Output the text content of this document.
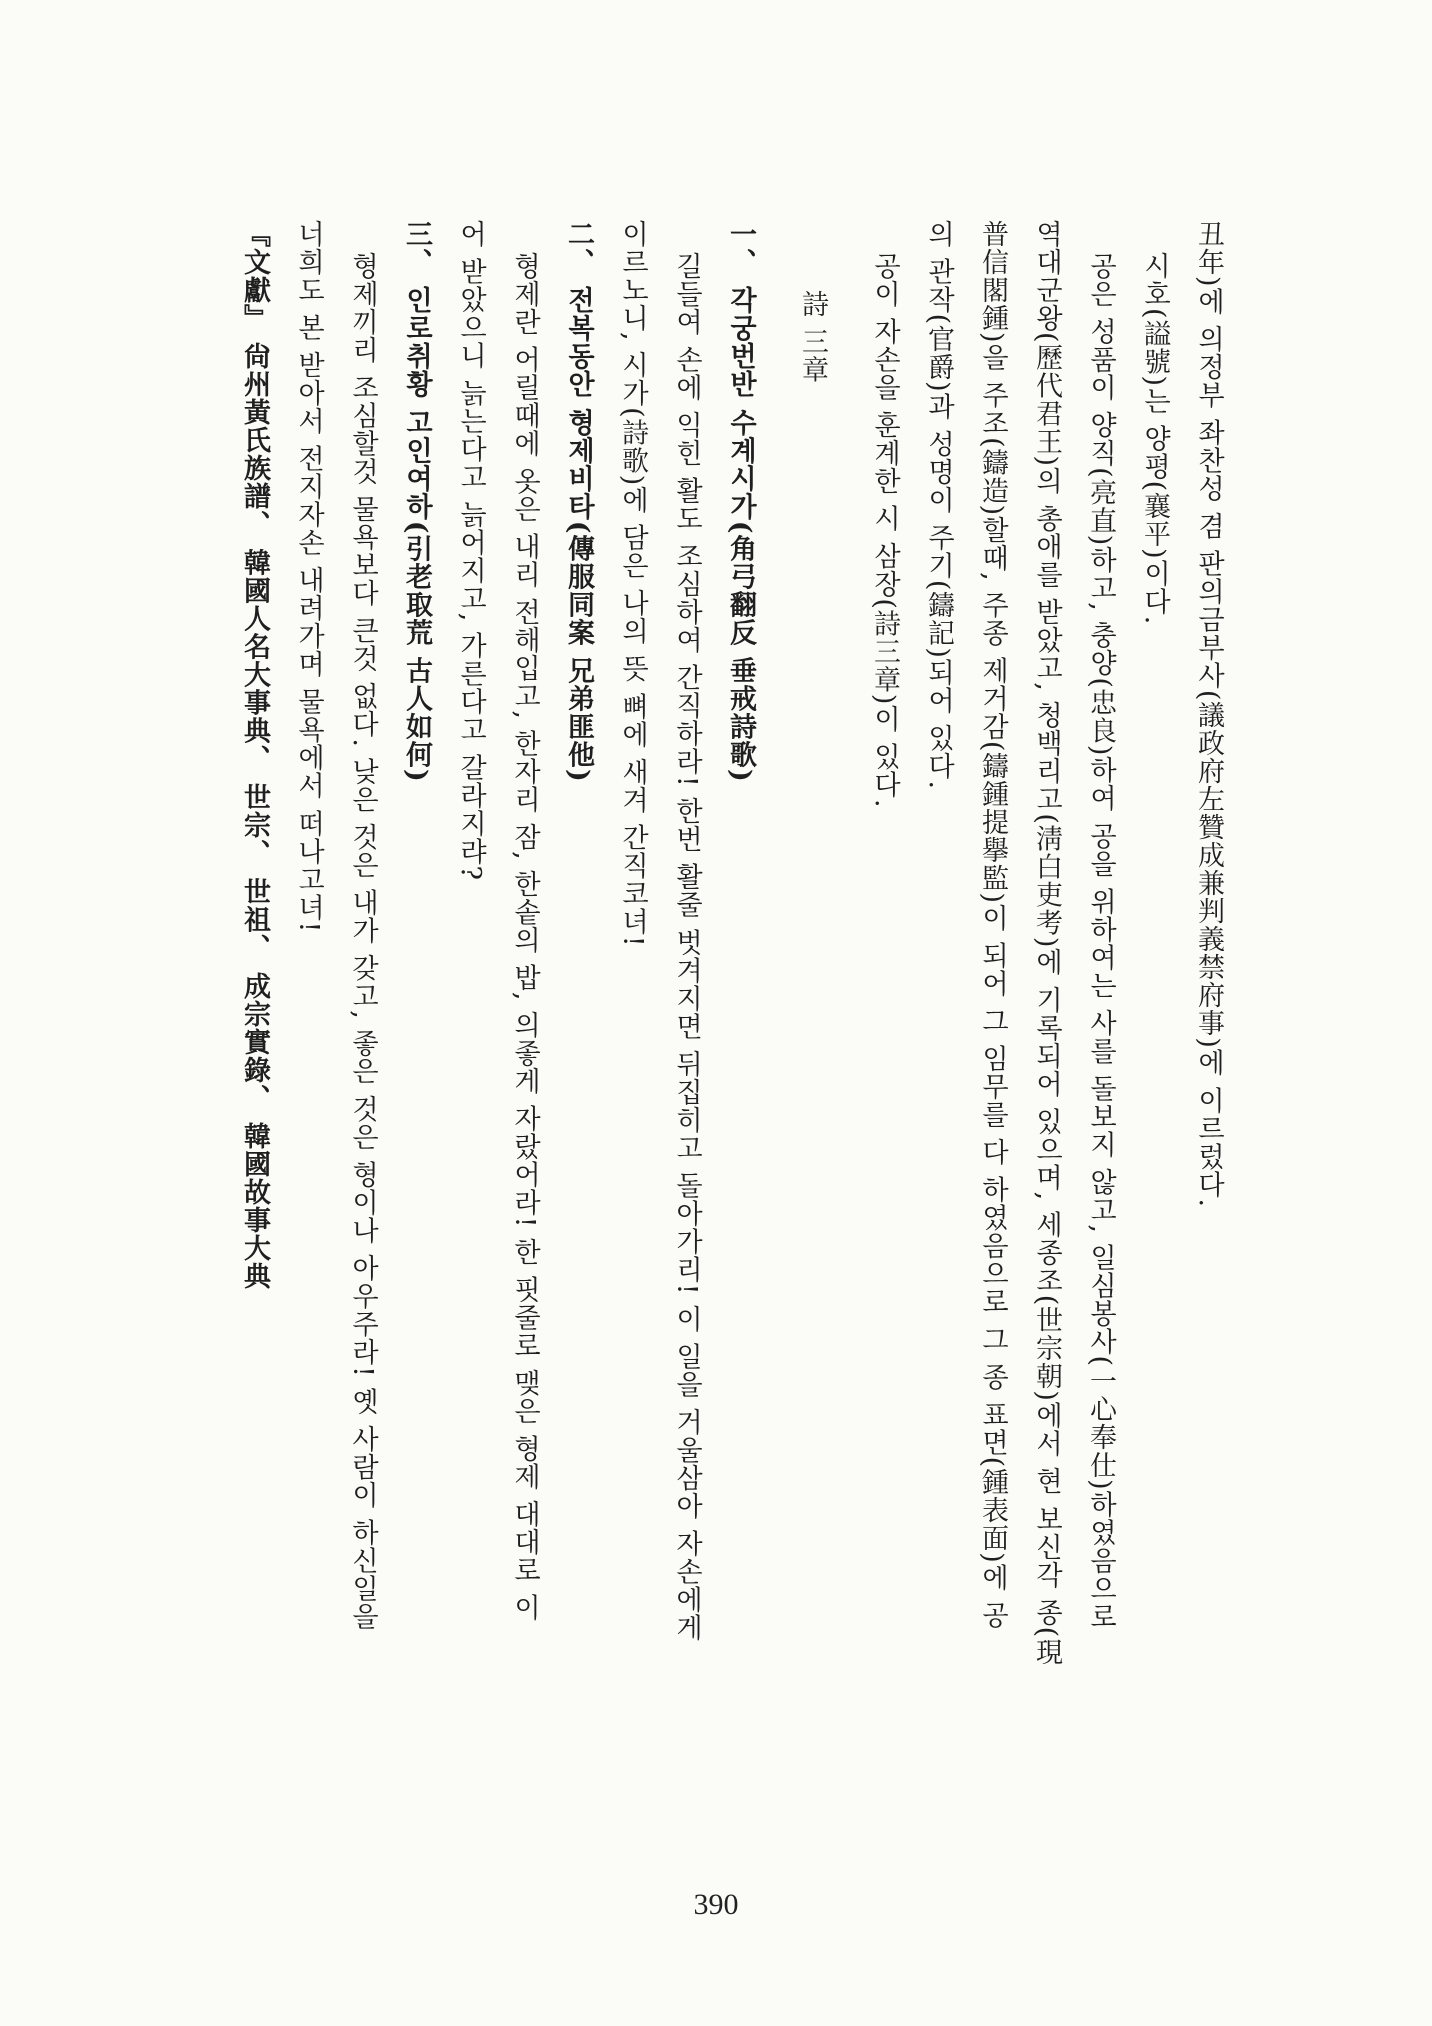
丑年)에 의정부 좌찬성 겸 판의금부사(議政府左贊成兼判義禁府事)에 이르렀다.
시호(謚號)는 양평(襄平)이다.
공은 성품이 양직(亮直)하고, 충양(忠良)하여 공을 위하여는 사를 돌보지 않고, 일심봉사(一心奉仕)하였음으로
역대군왕(歷代君王)의 총애를 받았고, 청백리고(淸白吏考)에 기록되어 있으며, 세종조(世宗朝)에서 현 보신각 종(現
普信閣鍾)을 주조(鑄造)할때, 주종 제거감(鑄鍾提擧監)이 되어 그 임무를 다 하였음으로 그 종 표면(鍾表面)에 공
의 관작(官爵)과 성명이 주기(鑄記)되어 있다.
공이 자손을 훈계한 시 삼장(詩三章)이 있다.
詩 三章
一、 각궁번반 수계시가(角弓翻反 垂戒詩歌)
길들여 손에 익힌 활도 조심하여 간직하라! 한번 활줄 벗겨지면 뒤집히고 돌아가리! 이 일을 거울삼아 자손에게
이르노니, 시가(詩歌)에 담은 나의 뜻 뼈에 새겨 간직코녀!
二、 전복동안 형제비타(傳服同案 兄弟匪他)
형제란 어릴때에 옷은 내리 전해입고, 한자리 잠, 한솥의 밥, 의좋게 자랐어라! 한 핏줄로 맺은 형제 대대로 이
어 받았으니 늙는다고 늙어지고, 가른다고 갈라지랴?
三、 인로취황 고인여하(引老取荒 古人如何)
형제끼리 조심할것 물욕보다 큰것 없다. 낮은 것은 내가 갖고, 좋은 것은 형이나 아우주라! 옛 사람이 하신일을
너희도 본 받아서 전지자손 내려가며 물욕에서 떠나고녀!
『文獻』 尙州黃氏族譜、 韓國人名大事典、 世宗、 世祖、 成宗實錄、 韓國故事大典
390
